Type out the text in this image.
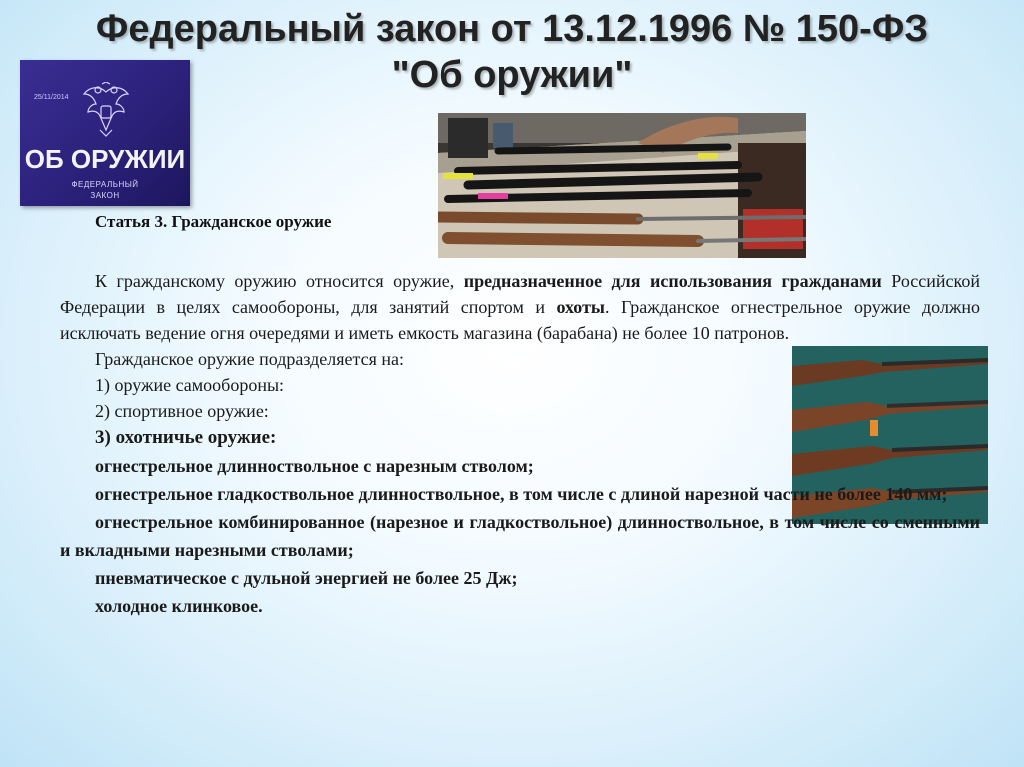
Федеральный закон от 13.12.1996 № 150-ФЗ
"Об оружии"
25/11/2014
ОБ ОРУЖИИ
ФЕДЕРАЛЬНЫЙ
ЗАКОН
Статья 3. Гражданское оружие

К гражданскому оружию относится оружие, предназначенное для использования гражданами Российской Федерации в целях самообороны, для занятий спортом и охоты. Гражданское огнестрельное оружие должно исключать ведение огня очередями и иметь емкость магазина (барабана) не более 10 патронов.

Гражданское оружие подразделяется на:

1) оружие самообороны:

2) спортивное оружие:

3) охотничье оружие:

огнестрельное длинноствольное с нарезным стволом;

огнестрельное гладкоствольное длинноствольное, в том числе с длиной нарезной части не более 140 мм;

огнестрельное комбинированное (нарезное и гладкоствольное) длинноствольное, в том числе со сменными и вкладными нарезными стволами;

пневматическое с дульной энергией не более 25 Дж;

холодное клинковое.
